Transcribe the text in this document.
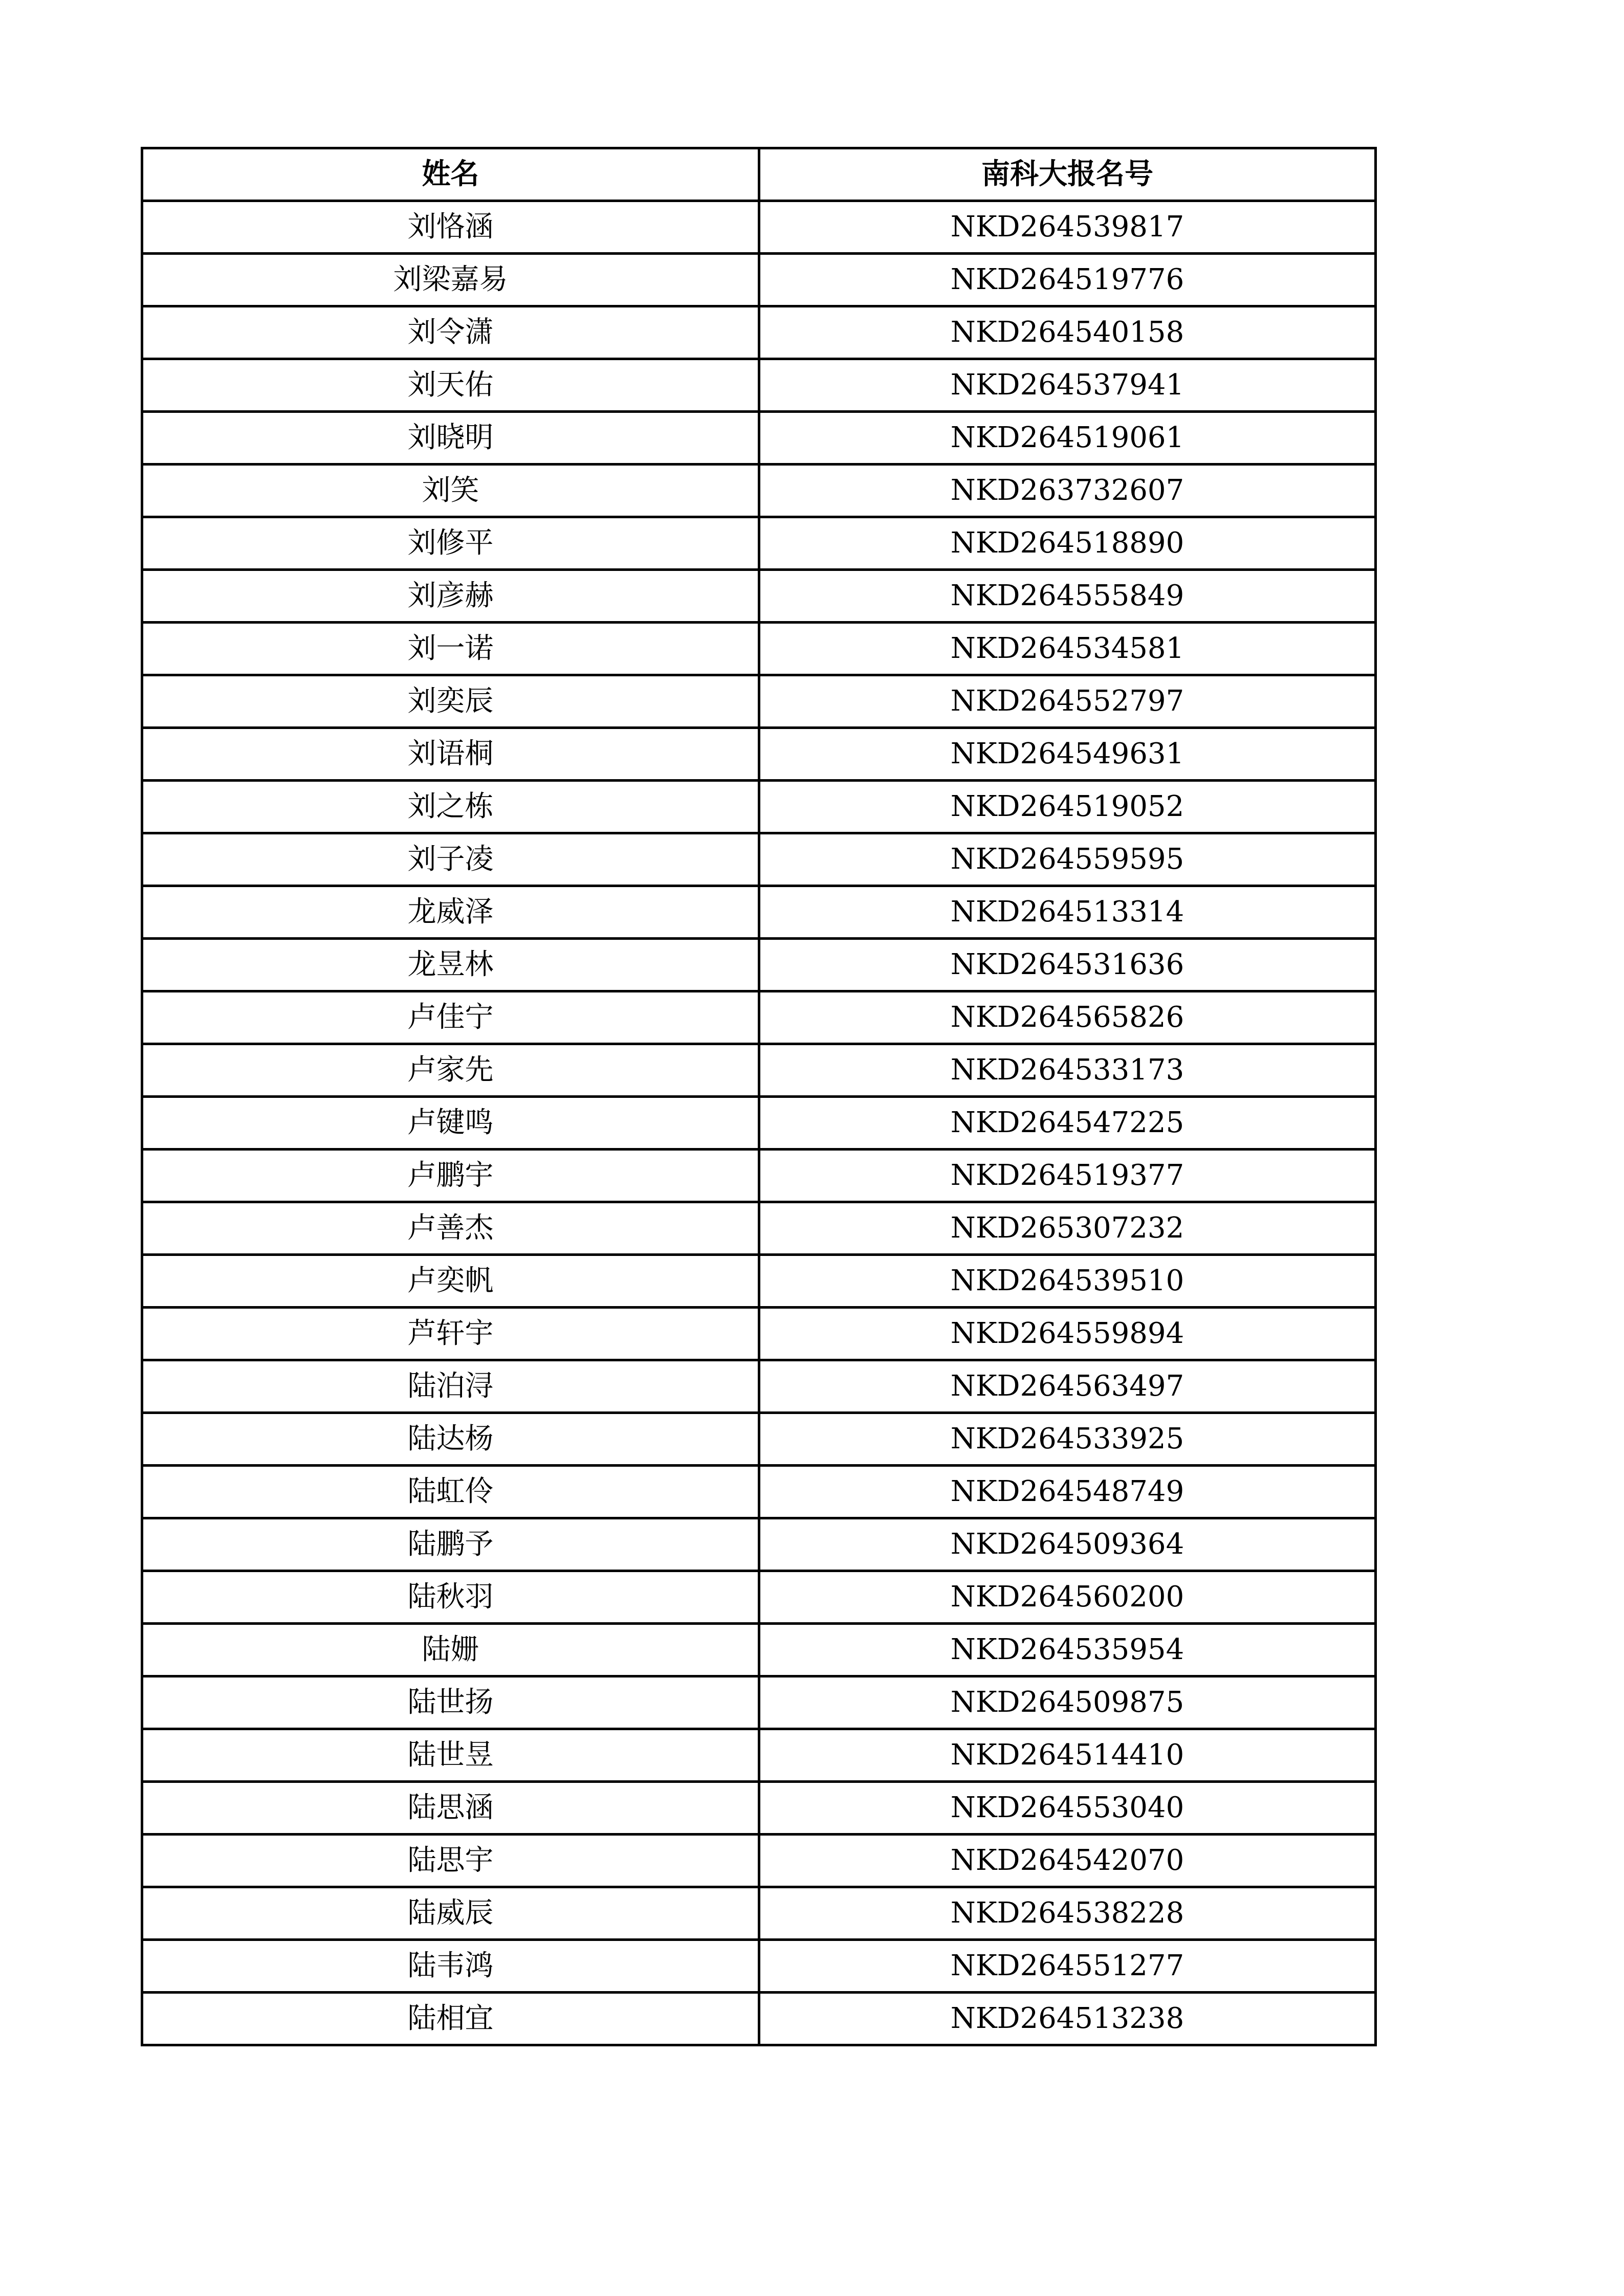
姓名	南科大报名号
刘恪涵	NKD264539817
刘梁嘉易	NKD264519776
刘令潇	NKD264540158
刘天佑	NKD264537941
刘晓明	NKD264519061
刘笑	NKD263732607
刘修平	NKD264518890
刘彦赫	NKD264555849
刘一诺	NKD264534581
刘奕辰	NKD264552797
刘语桐	NKD264549631
刘之栋	NKD264519052
刘子凌	NKD264559595
龙威泽	NKD264513314
龙昱林	NKD264531636
卢佳宁	NKD264565826
卢家先	NKD264533173
卢键鸣	NKD264547225
卢鹏宇	NKD264519377
卢善杰	NKD265307232
卢奕帆	NKD264539510
芦轩宇	NKD264559894
陆泊浔	NKD264563497
陆达杨	NKD264533925
陆虹伶	NKD264548749
陆鹏予	NKD264509364
陆秋羽	NKD264560200
陆姗	NKD264535954
陆世扬	NKD264509875
陆世昱	NKD264514410
陆思涵	NKD264553040
陆思宇	NKD264542070
陆威辰	NKD264538228
陆韦鸿	NKD264551277
陆相宜	NKD264513238
